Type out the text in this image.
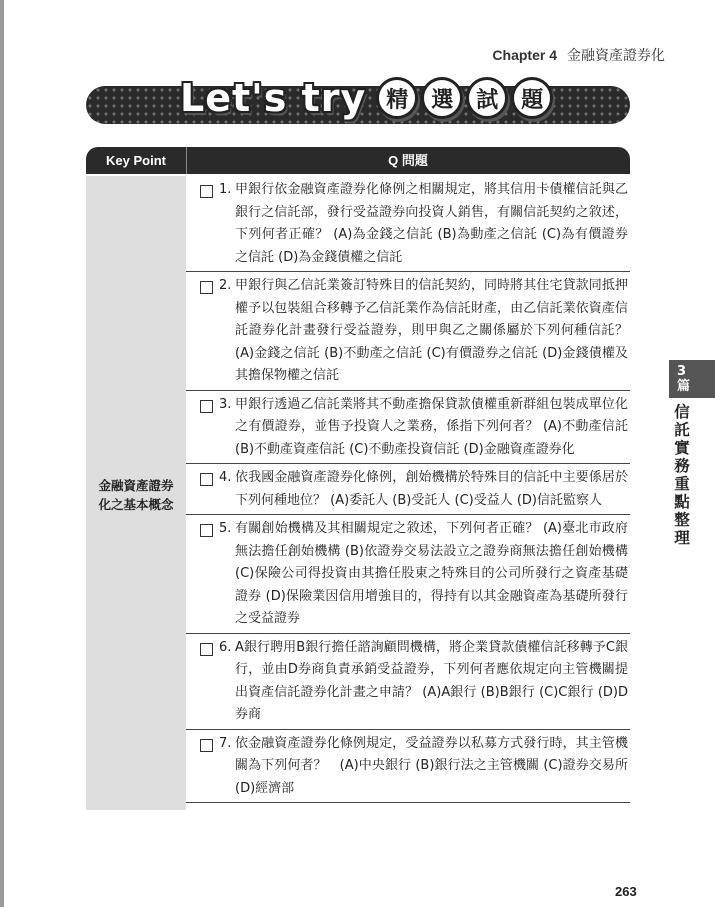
Chapter 4 金融資產證券化
Let's try 精	選	試	題
Key Point	Q 問題
金融資產證券
化之基本概念
1. 甲銀行依金融資產證券化條例之相關規定，將其信用卡債權信託與乙銀行之信託部，發行受益證券向投資人銷售，有關信託契約之敘述，下列何者正確？ (A)為金錢之信託 (B)為動產之信託 (C)為有價證券之信託 (D)為金錢債權之信託
2. 甲銀行與乙信託業簽訂特殊目的信託契約，同時將其住宅貸款同抵押權予以包裝組合移轉予乙信託業作為信託財產，由乙信託業依資產信託證券化計畫發行受益證券，則甲與乙之關係屬於下列何種信託？ (A)金錢之信託 (B)不動產之信託 (C)有價證券之信託 (D)金錢債權及其擔保物權之信託
3. 甲銀行透過乙信託業將其不動產擔保貸款債權重新群組包裝成單位化之有價證券，並售予投資人之業務，係指下列何者？ (A)不動產信託 (B)不動產資產信託 (C)不動產投資信託 (D)金融資產證券化
4. 依我國金融資產證券化條例，創始機構於特殊目的信託中主要係居於下列何種地位？ (A)委託人 (B)受託人 (C)受益人 (D)信託監察人
5. 有關創始機構及其相關規定之敘述，下列何者正確？ (A)臺北市政府無法擔任創始機構 (B)依證券交易法設立之證券商無法擔任創始機構 (C)保險公司得投資由其擔任股東之特殊目的公司所發行之資產基礎證券 (D)保險業因信用增強目的，得持有以其金融資產為基礎所發行之受益證券
6. A銀行聘用B銀行擔任諮詢顧問機構，將企業貸款債權信託移轉予C銀行，並由D券商負責承銷受益證券，下列何者應依規定向主管機關提出資產信託證券化計畫之申請？ (A)A銀行 (B)B銀行 (C)C銀行 (D)D券商
7. 依金融資產證券化條例規定，受益證券以私募方式發行時，其主管機關為下列何者？　(A)中央銀行 (B)銀行法之主管機關 (C)證券交易所 (D)經濟部
3
篇
信託實務重點整理
263
